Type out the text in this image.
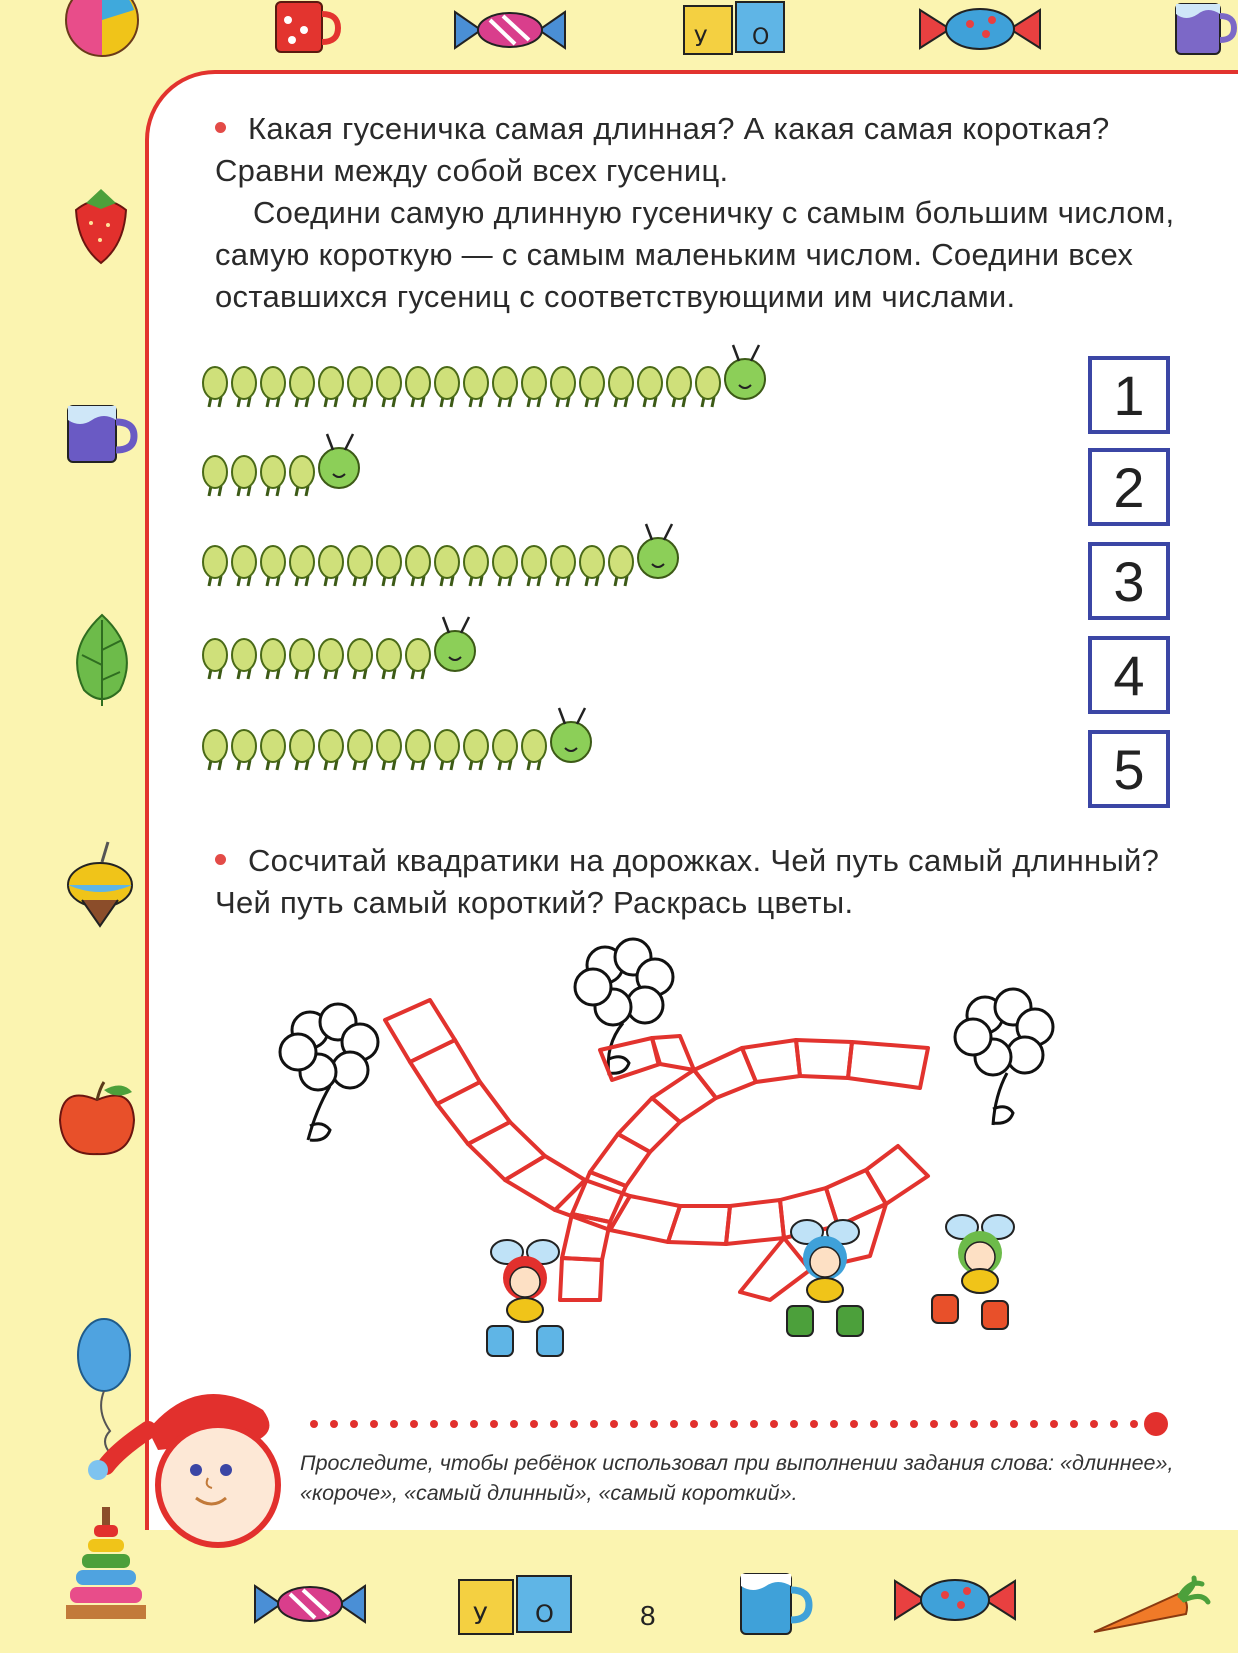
У О
У О

Какая гусеничка самая длинная? А какая самая короткая? Сравни между собой всех гусениц.

Соедини самую длинную гусеничку с самым большим числом, самую короткую — с самым маленьким числом. Соедини всех оставшихся гусениц с соответствующими им числами.

1
2
3
4
5

Сосчитай квадратики на дорожках. Чей путь самый длинный? Чей путь самый короткий? Раскрась цветы.

Проследите, чтобы ребёнок использовал при выполнении задания слова: «длиннее», «короче», «самый длинный», «самый короткий».

8
